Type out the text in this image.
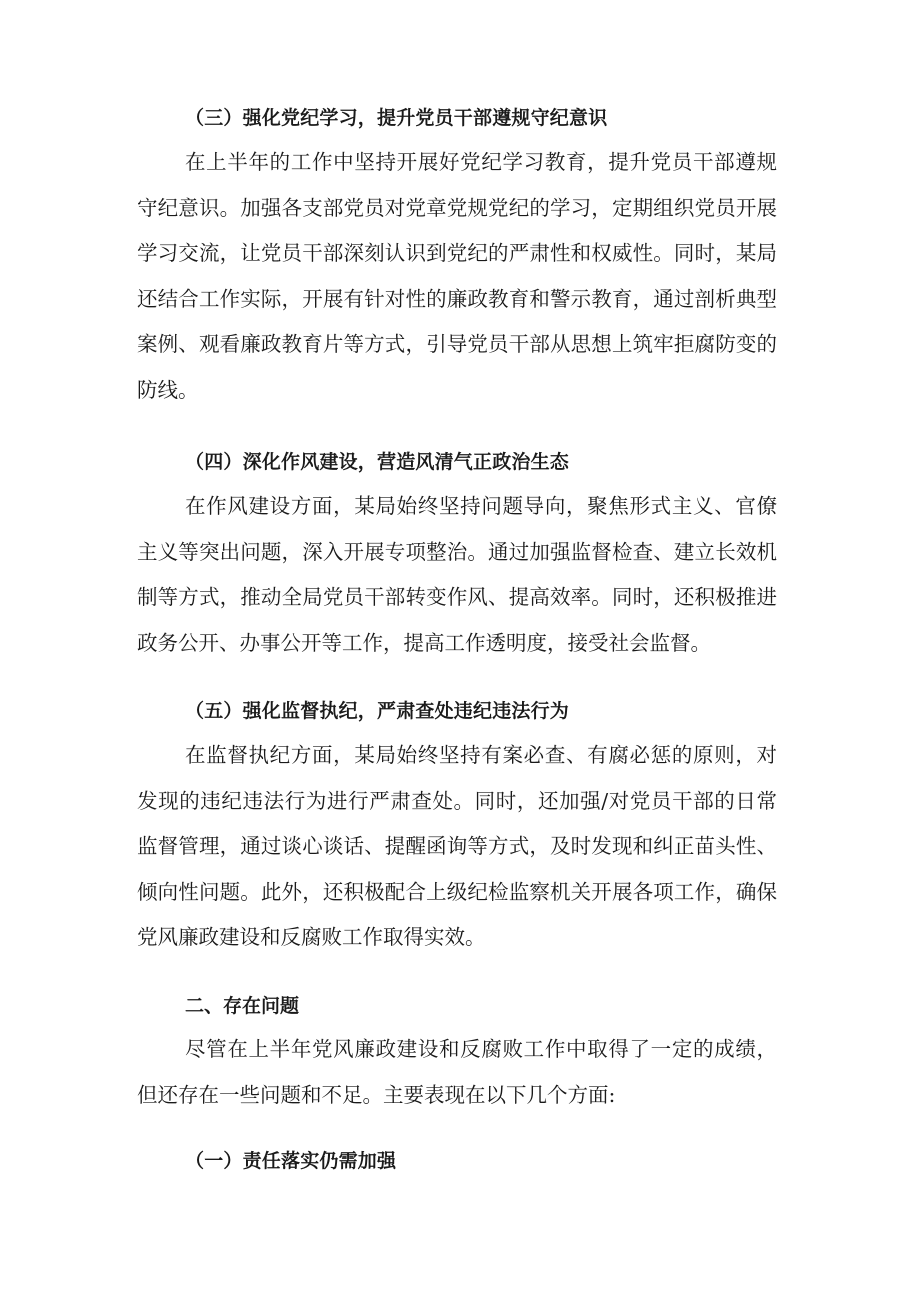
（三）强化党纪学习，提升党员干部遵规守纪意识

在上半年的工作中坚持开展好党纪学习教育，提升党员干部遵规守纪意识。加强各支部党员对党章党规党纪的学习，定期组织党员开展学习交流，让党员干部深刻认识到党纪的严肃性和权威性。同时，某局还结合工作实际，开展有针对性的廉政教育和警示教育，通过剖析典型案例、观看廉政教育片等方式，引导党员干部从思想上筑牢拒腐防变的防线。

（四）深化作风建设，营造风清气正政治生态

在作风建设方面，某局始终坚持问题导向，聚焦形式主义、官僚主义等突出问题，深入开展专项整治。通过加强监督检查、建立长效机制等方式，推动全局党员干部转变作风、提高效率。同时，还积极推进政务公开、办事公开等工作，提高工作透明度，接受社会监督。

（五）强化监督执纪，严肃查处违纪违法行为

在监督执纪方面，某局始终坚持有案必查、有腐必惩的原则，对发现的违纪违法行为进行严肃查处。同时，还加强/对党员干部的日常监督管理，通过谈心谈话、提醒函询等方式，及时发现和纠正苗头性、倾向性问题。此外，还积极配合上级纪检监察机关开展各项工作，确保党风廉政建设和反腐败工作取得实效。

二、存在问题

尽管在上半年党风廉政建设和反腐败工作中取得了一定的成绩，但还存在一些问题和不足。主要表现在以下几个方面:

（一）责任落实仍需加强
